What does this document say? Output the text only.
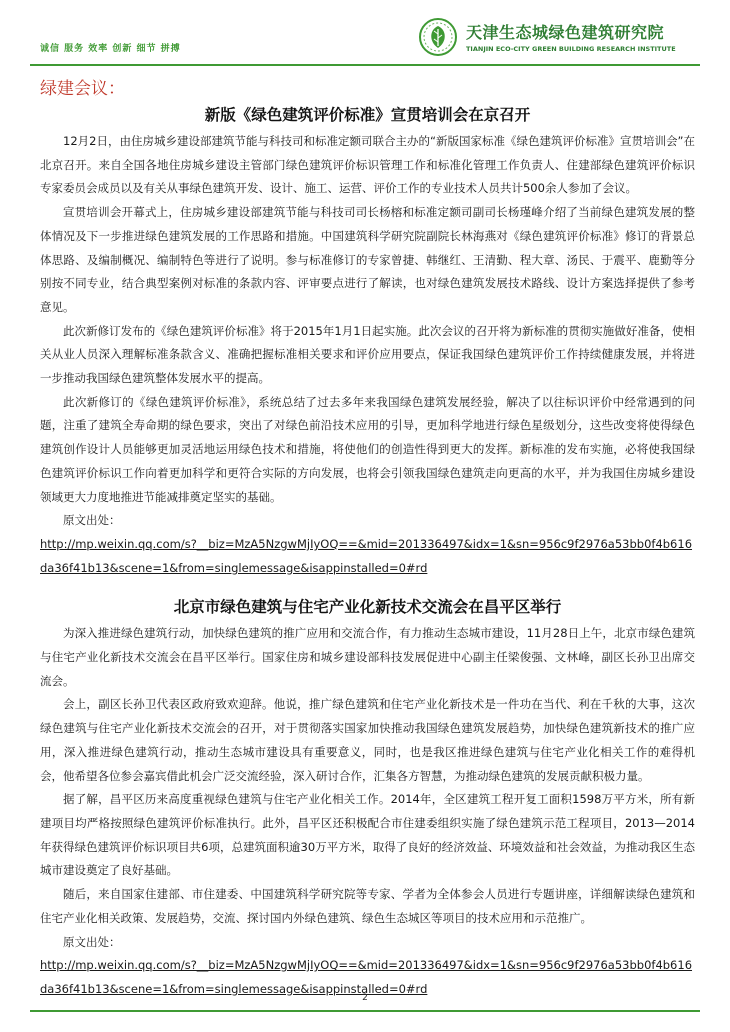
诚信 服务 效率 创新 细节 拼搏
天津生态城绿色建筑研究院
TIANJIN ECO-CITY GREEN BUILDING RESEARCH INSTITUTE
绿建会议：
新版《绿色建筑评价标准》宣贯培训会在京召开

12月2日，由住房城乡建设部建筑节能与科技司和标准定额司联合主办的“新版国家标准《绿色建筑评价标准》宣贯培训会”在北京召开。来自全国各地住房城乡建设主管部门绿色建筑评价标识管理工作和标准化管理工作负责人、住建部绿色建筑评价标识专家委员会成员以及有关从事绿色建筑开发、设计、施工、运营、评价工作的专业技术人员共计500余人参加了会议。

宣贯培训会开幕式上，住房城乡建设部建筑节能与科技司司长杨榕和标准定额司副司长杨瑾峰介绍了当前绿色建筑发展的整体情况及下一步推进绿色建筑发展的工作思路和措施。中国建筑科学研究院副院长林海燕对《绿色建筑评价标准》修订的背景总体思路、及编制概况、编制特色等进行了说明。参与标准修订的专家曾捷、韩继红、王清勤、程大章、汤民、于震平、鹿勤等分别按不同专业，结合典型案例对标准的条款内容、评审要点进行了解读，也对绿色建筑发展技术路线、设计方案选择提供了参考意见。

此次新修订发布的《绿色建筑评价标准》将于2015年1月1日起实施。此次会议的召开将为新标准的贯彻实施做好准备，使相关从业人员深入理解标准条款含义、准确把握标准相关要求和评价应用要点，保证我国绿色建筑评价工作持续健康发展，并将进一步推动我国绿色建筑整体发展水平的提高。

此次新修订的《绿色建筑评价标准》，系统总结了过去多年来我国绿色建筑发展经验，解决了以往标识评价中经常遇到的问题，注重了建筑全寿命期的绿色要求，突出了对绿色前沿技术应用的引导，更加科学地进行绿色星级划分，这些改变将使得绿色建筑创作设计人员能够更加灵活地运用绿色技术和措施，将使他们的创造性得到更大的发挥。新标准的发布实施，必将使我国绿色建筑评价标识工作向着更加科学和更符合实际的方向发展，也将会引领我国绿色建筑走向更高的水平，并为我国住房城乡建设领域更大力度地推进节能减排奠定坚实的基础。

原文出处：

http://mp.weixin.qq.com/s?__biz=MzA5NzgwMjIyOQ==&mid=201336497&idx=1&sn=956c9f2976a53bb0f4b616da36f41b13&scene=1&from=singlemessage&isappinstalled=0#rd
北京市绿色建筑与住宅产业化新技术交流会在昌平区举行

为深入推进绿色建筑行动，加快绿色建筑的推广应用和交流合作，有力推动生态城市建设，11月28日上午，北京市绿色建筑与住宅产业化新技术交流会在昌平区举行。国家住房和城乡建设部科技发展促进中心副主任梁俊强、文林峰，副区长孙卫出席交流会。

会上，副区长孙卫代表区政府致欢迎辞。他说，推广绿色建筑和住宅产业化新技术是一件功在当代、利在千秋的大事，这次绿色建筑与住宅产业化新技术交流会的召开，对于贯彻落实国家加快推动我国绿色建筑发展趋势，加快绿色建筑新技术的推广应用，深入推进绿色建筑行动，推动生态城市建设具有重要意义，同时，也是我区推进绿色建筑与住宅产业化相关工作的难得机会，他希望各位参会嘉宾借此机会广泛交流经验，深入研讨合作，汇集各方智慧，为推动绿色建筑的发展贡献积极力量。

据了解，昌平区历来高度重视绿色建筑与住宅产业化相关工作。2014年，全区建筑工程开复工面积1598万平方米，所有新建项目均严格按照绿色建筑评价标准执行。此外，昌平区还积极配合市住建委组织实施了绿色建筑示范工程项目，2013—2014年获得绿色建筑评价标识项目共6项，总建筑面积逾30万平方米，取得了良好的经济效益、环境效益和社会效益，为推动我区生态城市建设奠定了良好基础。

随后，来自国家住建部、市住建委、中国建筑科学研究院等专家、学者为全体参会人员进行专题讲座，详细解读绿色建筑和住宅产业化相关政策、发展趋势，交流、探讨国内外绿色建筑、绿色生态城区等项目的技术应用和示范推广。

原文出处：

http://mp.weixin.qq.com/s?__biz=MzA5NzgwMjIyOQ==&mid=201336497&idx=1&sn=956c9f2976a53bb0f4b616da36f41b13&scene=1&from=singlemessage&isappinstalled=0#rd
2
